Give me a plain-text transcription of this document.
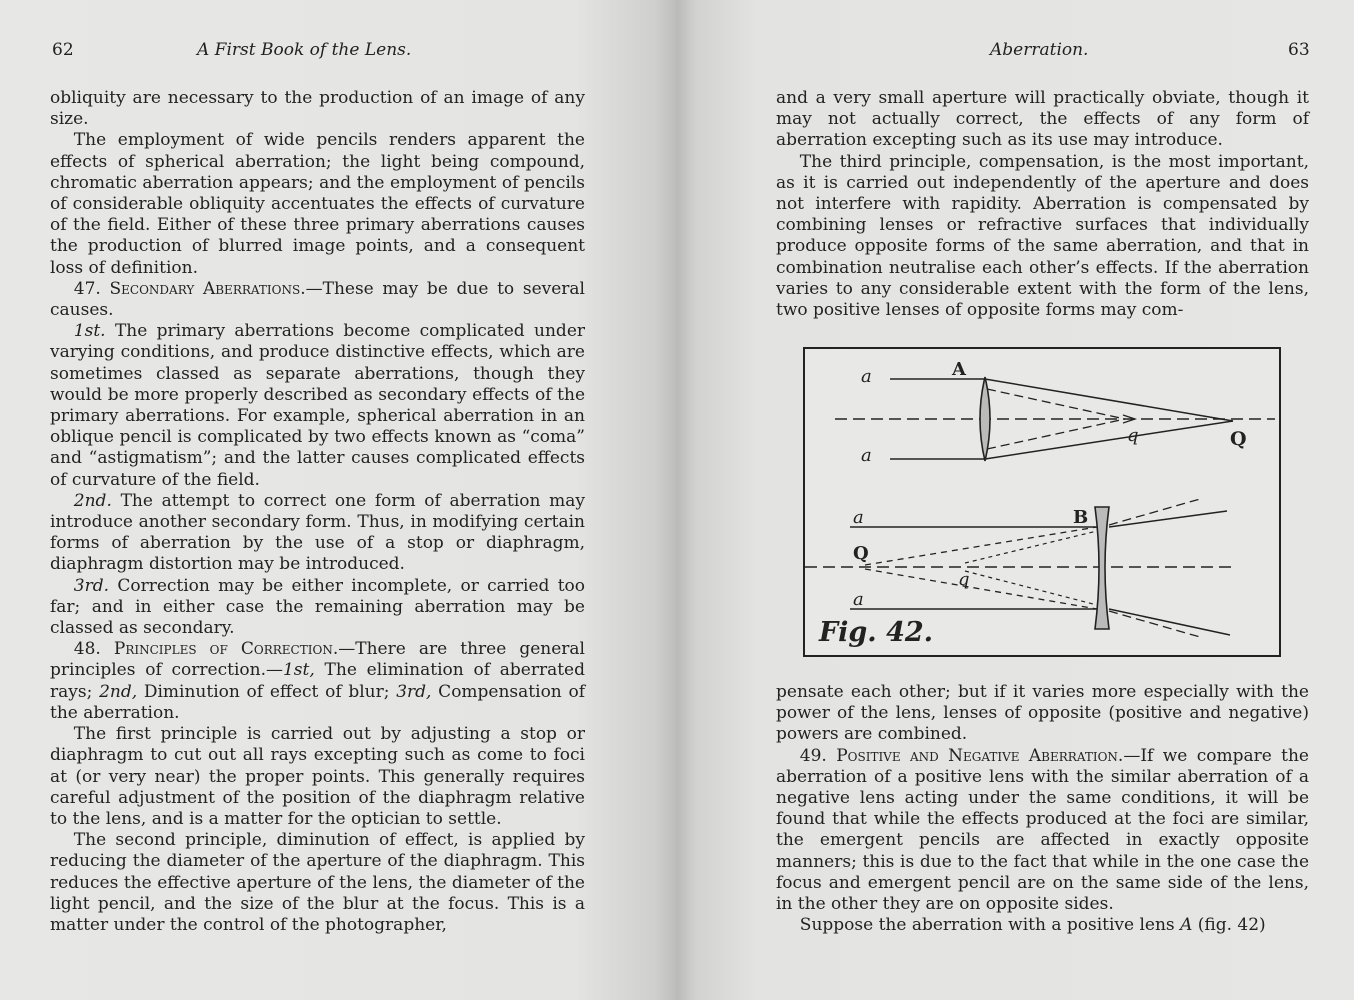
62	A First Book of the Lens.

obliquity are necessary to the production of an image of any size.

The employment of wide pencils renders apparent the effects of spherical aberration; the light being compound, chromatic aberration appears; and the employment of pencils of considerable obliquity accentuates the effects of curvature of the field. Either of these three primary aberrations causes the production of blurred image points, and a consequent loss of definition.

47. Secondary Aberrations.—These may be due to several causes.

1st. The primary aberrations become complicated under varying conditions, and produce distinctive effects, which are sometimes classed as separate aberrations, though they would be more properly described as secondary effects of the primary aberrations. For example, spherical aberration in an oblique pencil is complicated by two effects known as “coma” and “astigmatism”; and the latter causes complicated effects of curvature of the field.

2nd. The attempt to correct one form of aberration may introduce another secondary form. Thus, in modifying certain forms of aberration by the use of a stop or diaphragm, diaphragm distortion may be introduced.

3rd. Correction may be either incomplete, or carried too far; and in either case the remaining aberration may be classed as secondary.

48. Principles of Correction.—There are three general principles of correction.—1st, The elimination of aberrated rays; 2nd, Diminution of effect of blur; 3rd, Compensation of the aberration.

The first principle is carried out by adjusting a stop or diaphragm to cut out all rays excepting such as come to foci at (or very near) the proper points. This generally requires careful adjustment of the position of the diaphragm relative to the lens, and is a matter for the optician to settle.

The second principle, diminution of effect, is applied by reducing the diameter of the aperture of the diaphragm. This reduces the effective aperture of the lens, the diameter of the light pencil, and the size of the blur at the focus. This is a matter under the control of the photographer,

Aberration.	63

and a very small aperture will practically obviate, though it may not actually correct, the effects of any form of aberration excepting such as its use may introduce.

The third principle, compensation, is the most important, as it is carried out independently of the aperture and does not interfere with rapidity. Aberration is compensated by combining lenses or refractive surfaces that individually produce opposite forms of the same aberration, and that in combination neutralise each other’s effects. If the aberration varies to any considerable extent with the form of the lens, two positive lenses of opposite forms may com-

pensate each other; but if it varies more especially with the power of the lens, lenses of opposite (positive and negative) powers are combined.

49. Positive and Negative Aberration.—If we compare the aberration of a positive lens with the similar aberration of a negative lens acting under the same conditions, it will be found that while the effects produced at the foci are similar, the emergent pencils are affected in exactly opposite manners; this is due to the fact that while in the one case the focus and emergent pencil are on the same side of the lens, in the other they are on opposite sides.

Suppose the aberration with a positive lens A (fig. 42)

a
a
A
q	Q
a
a
B
Q
q
Fig. 42.
